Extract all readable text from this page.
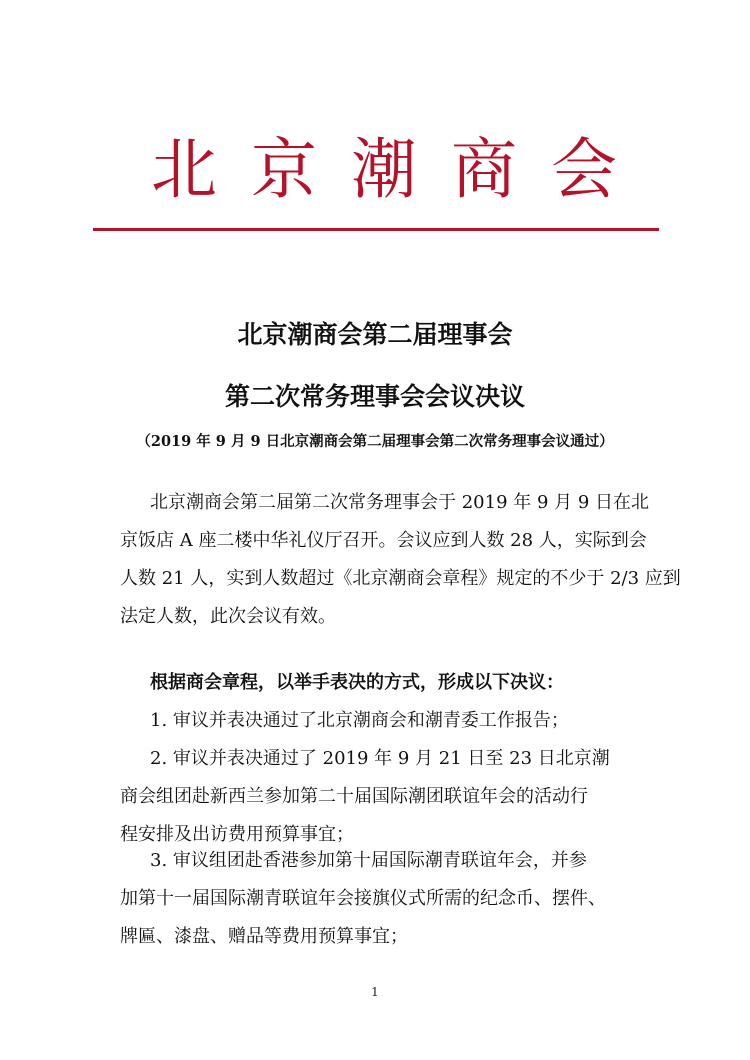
北京潮商会
北京潮商会第二届理事会
第二次常务理事会会议决议
（2019 年 9 月 9 日北京潮商会第二届理事会第二次常务理事会议通过）
北京潮商会第二届第二次常务理事会于 2019 年 9 月 9 日在北
京饭店 A 座二楼中华礼仪厅召开。会议应到人数 28 人，实际到会
人数 21 人，实到人数超过《北京潮商会章程》规定的不少于 2/3 应到
法定人数，此次会议有效。
根据商会章程，以举手表决的方式，形成以下决议：
1. 审议并表决通过了北京潮商会和潮青委工作报告；
2. 审议并表决通过了 2019 年 9 月 21 日至 23 日北京潮
商会组团赴新西兰参加第二十届国际潮团联谊年会的活动行
程安排及出访费用预算事宜；
3. 审议组团赴香港参加第十届国际潮青联谊年会，并参
加第十一届国际潮青联谊年会接旗仪式所需的纪念币、摆件、
牌匾、漆盘、赠品等费用预算事宜；
1
